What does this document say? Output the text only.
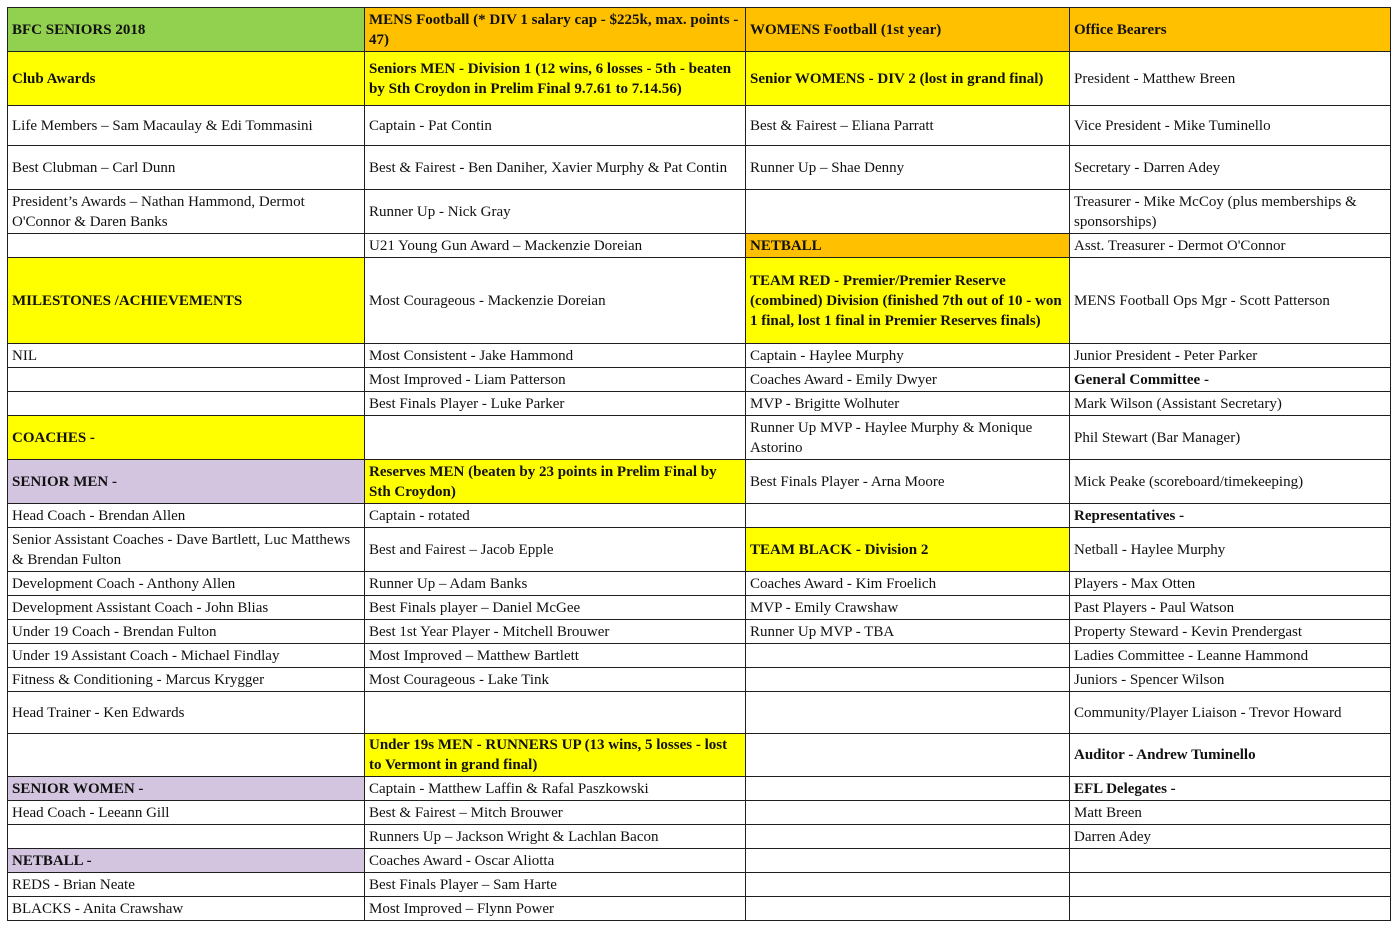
BFC SENIORS 2018	MENS Football (* DIV 1 salary cap - $225k, max. points - 47)	WOMENS Football (1st year)	Office Bearers
Club Awards	Seniors MEN - Division 1 (12 wins, 6 losses - 5th - beaten by Sth Croydon in Prelim Final 9.7.61 to 7.14.56)	Senior WOMENS - DIV 2 (lost in grand final)	President - Matthew Breen
Life Members – Sam Macaulay & Edi Tommasini	Captain - Pat Contin	Best & Fairest – Eliana Parratt	Vice President - Mike Tuminello
Best Clubman – Carl Dunn	Best & Fairest - Ben Daniher, Xavier Murphy & Pat Contin	Runner Up – Shae Denny	Secretary - Darren Adey
President’s Awards – Nathan Hammond, Dermot O'Connor & Daren Banks	Runner Up - Nick Gray		Treasurer - Mike McCoy (plus memberships & sponsorships)
	U21 Young Gun Award – Mackenzie Doreian	NETBALL	Asst. Treasurer - Dermot O'Connor
MILESTONES /ACHIEVEMENTS	Most Courageous - Mackenzie Doreian	TEAM RED - Premier/Premier Reserve (combined) Division (finished 7th out of 10 - won 1 final, lost 1 final in Premier Reserves finals)	MENS Football Ops Mgr - Scott Patterson
NIL	Most Consistent - Jake Hammond	Captain - Haylee Murphy	Junior President - Peter Parker
	Most Improved - Liam Patterson	Coaches Award - Emily Dwyer	General Committee -
	Best Finals Player - Luke Parker	MVP - Brigitte Wolhuter	Mark Wilson (Assistant Secretary)
COACHES -		Runner Up MVP - Haylee Murphy & Monique Astorino	Phil Stewart (Bar Manager)
SENIOR MEN -	Reserves MEN (beaten by 23 points in Prelim Final by Sth Croydon)	Best Finals Player - Arna Moore	Mick Peake (scoreboard/timekeeping)
Head Coach - Brendan Allen	Captain - rotated		Representatives -
Senior Assistant Coaches - Dave Bartlett, Luc Matthews & Brendan Fulton	Best and Fairest – Jacob Epple	TEAM BLACK - Division 2	Netball - Haylee Murphy
Development Coach - Anthony Allen	Runner Up – Adam Banks	Coaches Award - Kim Froelich	Players - Max Otten
Development Assistant Coach - John Blias	Best Finals player – Daniel McGee	MVP - Emily Crawshaw	Past Players - Paul Watson
Under 19 Coach - Brendan Fulton	Best 1st Year Player - Mitchell Brouwer	Runner Up MVP - TBA	Property Steward - Kevin Prendergast
Under 19 Assistant Coach - Michael Findlay	Most Improved – Matthew Bartlett		Ladies Committee - Leanne Hammond
Fitness & Conditioning - Marcus Krygger	Most Courageous - Lake Tink		Juniors - Spencer Wilson
Head Trainer - Ken Edwards			Community/Player Liaison - Trevor Howard
	Under 19s MEN - RUNNERS UP (13 wins, 5 losses - lost to Vermont in grand final)		Auditor - Andrew Tuminello
SENIOR WOMEN -	Captain - Matthew Laffin & Rafal Paszkowski		EFL Delegates -
Head Coach - Leeann Gill	Best & Fairest – Mitch Brouwer		Matt Breen
	Runners Up – Jackson Wright & Lachlan Bacon		Darren Adey
NETBALL -	Coaches Award - Oscar Aliotta		
REDS - Brian Neate	Best Finals Player – Sam Harte		
BLACKS - Anita Crawshaw	Most Improved – Flynn Power		
